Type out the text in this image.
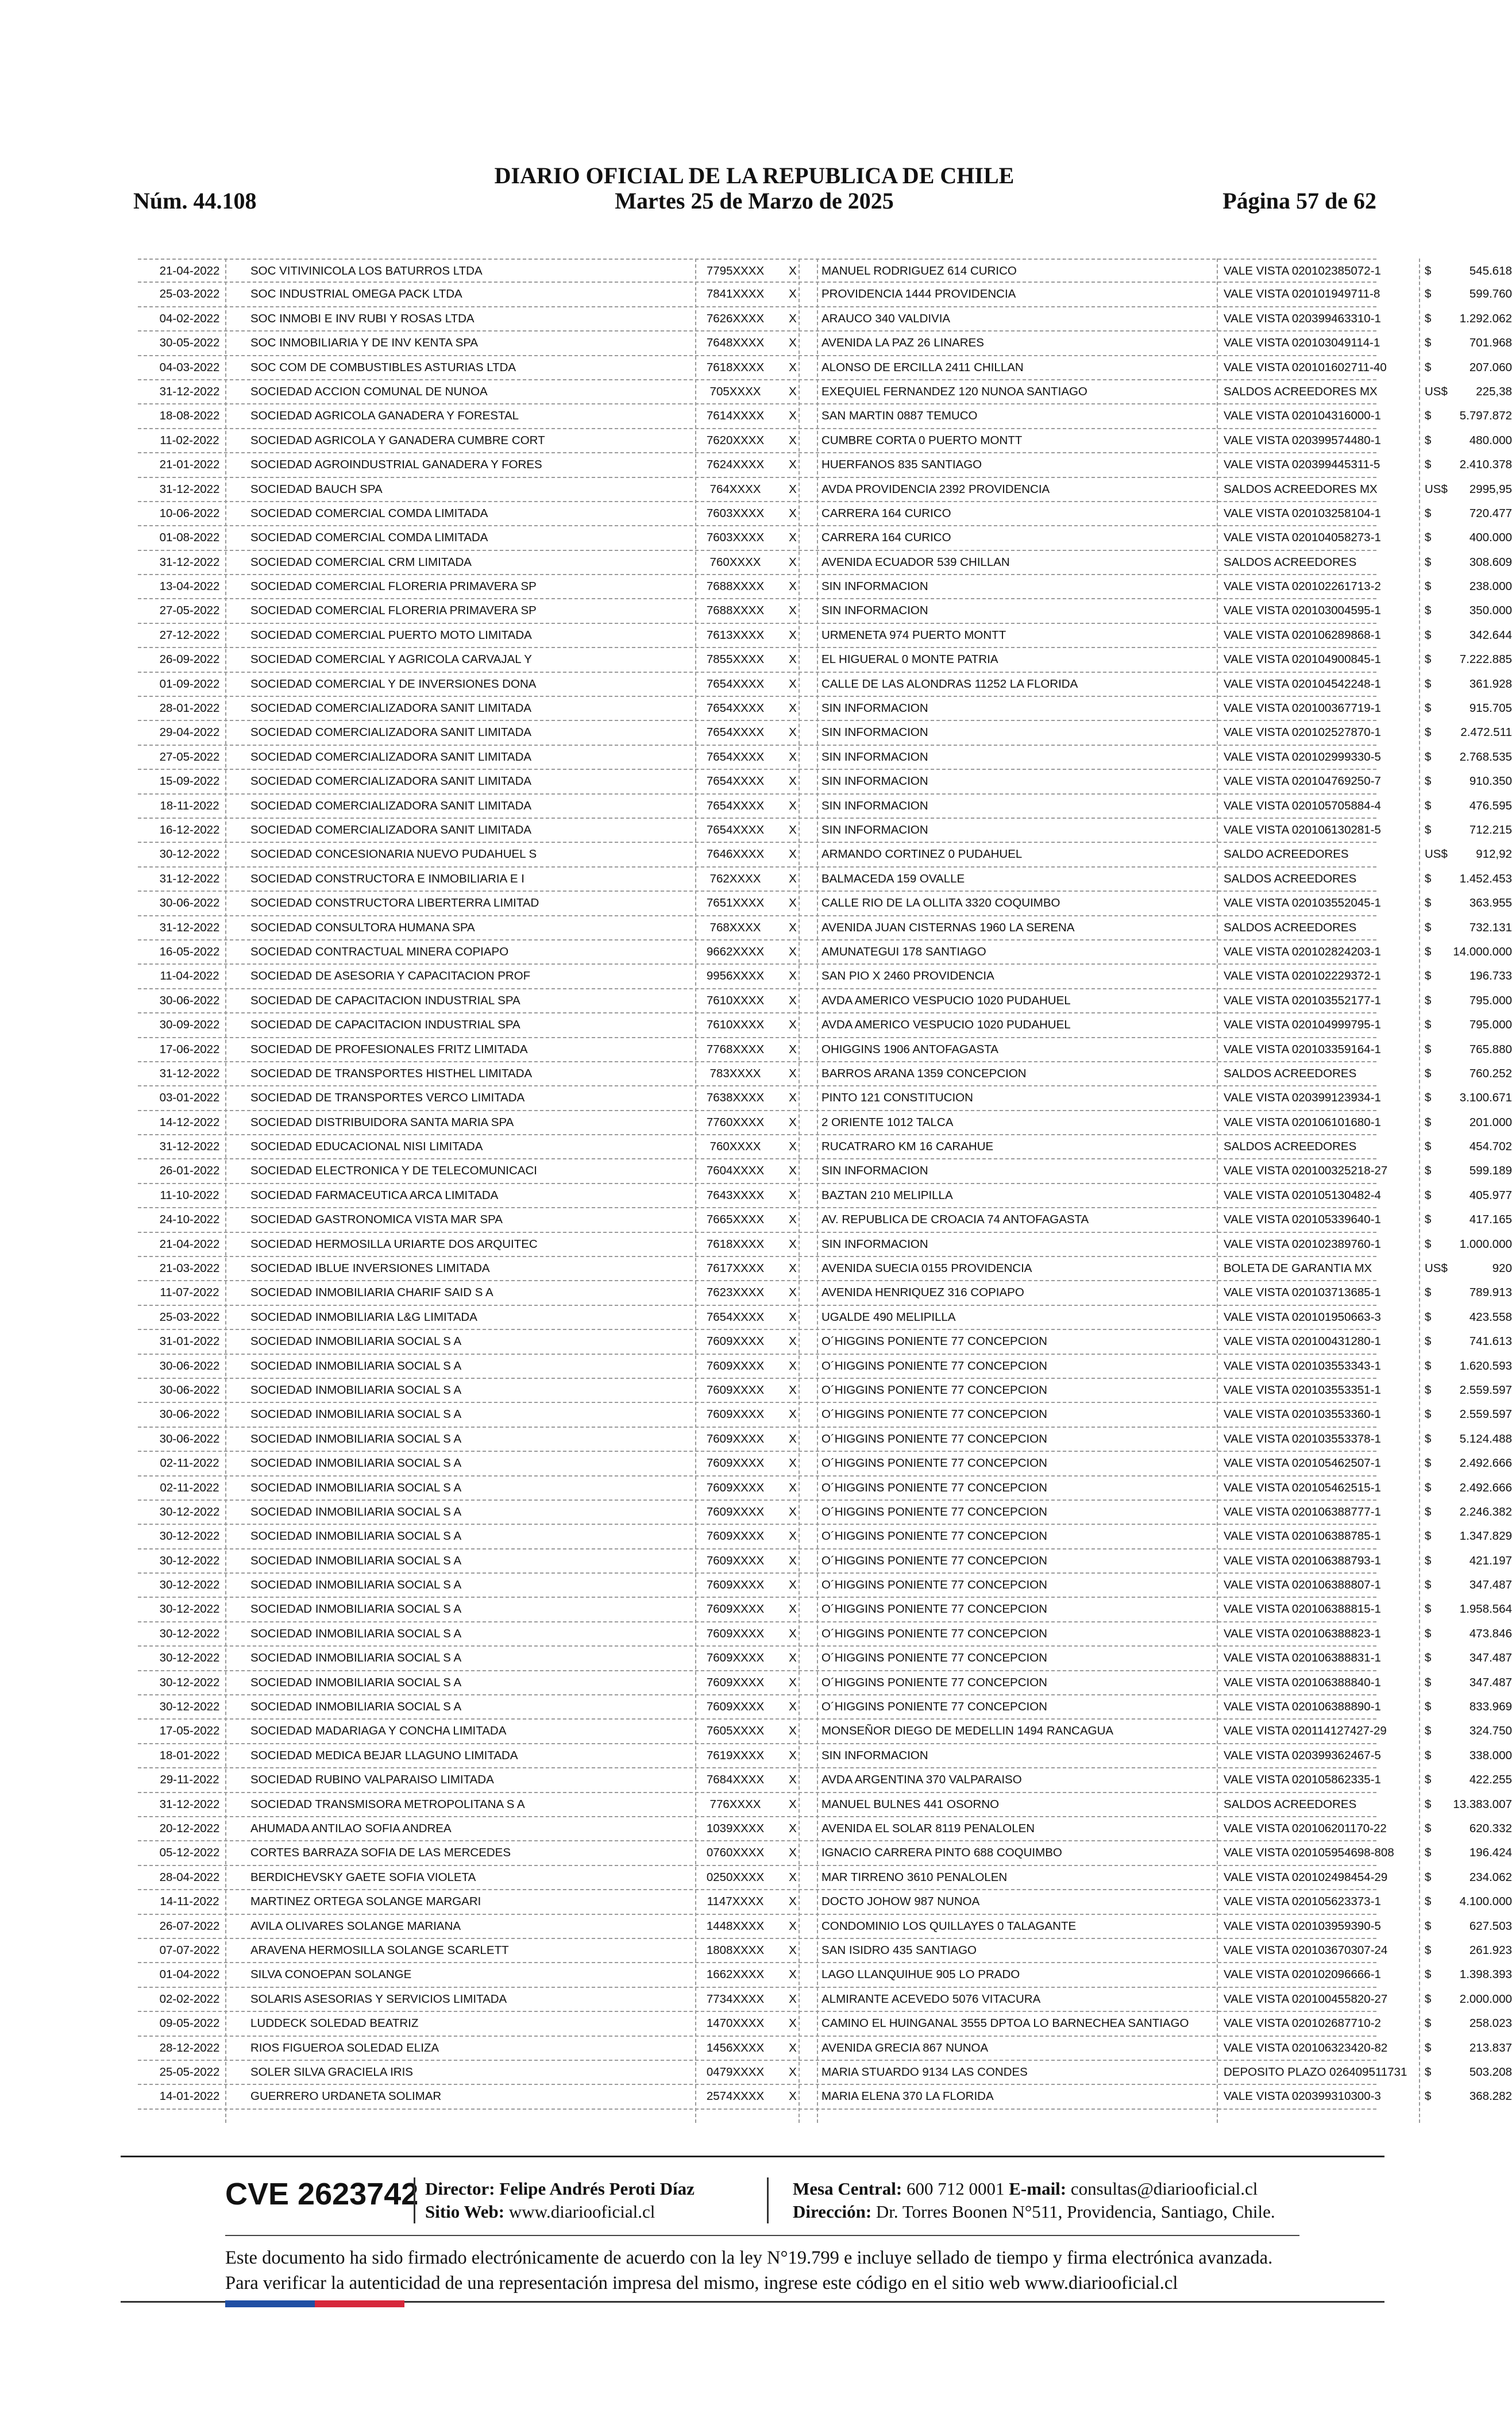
DIARIO OFICIAL DE LA REPUBLICA DE CHILE
Núm. 44.108	Martes 25 de Marzo de 2025	Página 57 de 62
21-04-2022	SOC VITIVINICOLA LOS BATURROS LTDA	7795XXXX	X	MANUEL RODRIGUEZ 614 CURICO	VALE VISTA 020102385072-1	$	545.618
25-03-2022	SOC INDUSTRIAL OMEGA PACK LTDA	7841XXXX	X	PROVIDENCIA 1444 PROVIDENCIA	VALE VISTA 020101949711-8	$	599.760
04-02-2022	SOC INMOBI E INV RUBI Y ROSAS LTDA	7626XXXX	X	ARAUCO 340 VALDIVIA	VALE VISTA 020399463310-1	$	1.292.062
30-05-2022	SOC INMOBILIARIA Y DE INV KENTA SPA	7648XXXX	X	AVENIDA LA PAZ 26 LINARES	VALE VISTA 020103049114-1	$	701.968
04-03-2022	SOC COM DE COMBUSTIBLES ASTURIAS LTDA	7618XXXX	X	ALONSO DE ERCILLA 2411 CHILLAN	VALE VISTA 020101602711-40	$	207.060
31-12-2022	SOCIEDAD ACCION COMUNAL DE NUNOA	705XXXX	X	EXEQUIEL FERNANDEZ 120 NUNOA SANTIAGO	SALDOS ACREEDORES MX	US$	225,38
18-08-2022	SOCIEDAD AGRICOLA GANADERA Y FORESTAL	7614XXXX	X	SAN MARTIN 0887 TEMUCO	VALE VISTA 020104316000-1	$	5.797.872
11-02-2022	SOCIEDAD AGRICOLA Y GANADERA CUMBRE CORT	7620XXXX	X	CUMBRE CORTA 0 PUERTO MONTT	VALE VISTA 020399574480-1	$	480.000
21-01-2022	SOCIEDAD AGROINDUSTRIAL GANADERA Y FORES	7624XXXX	X	HUERFANOS 835 SANTIAGO	VALE VISTA 020399445311-5	$	2.410.378
31-12-2022	SOCIEDAD BAUCH SPA	764XXXX	X	AVDA PROVIDENCIA 2392 PROVIDENCIA	SALDOS ACREEDORES MX	US$	2995,95
10-06-2022	SOCIEDAD COMERCIAL COMDA LIMITADA	7603XXXX	X	CARRERA 164 CURICO	VALE VISTA 020103258104-1	$	720.477
01-08-2022	SOCIEDAD COMERCIAL COMDA LIMITADA	7603XXXX	X	CARRERA 164 CURICO	VALE VISTA 020104058273-1	$	400.000
31-12-2022	SOCIEDAD COMERCIAL CRM LIMITADA	760XXXX	X	AVENIDA ECUADOR 539 CHILLAN	SALDOS ACREEDORES	$	308.609
13-04-2022	SOCIEDAD COMERCIAL FLORERIA PRIMAVERA SP	7688XXXX	X	SIN INFORMACION	VALE VISTA 020102261713-2	$	238.000
27-05-2022	SOCIEDAD COMERCIAL FLORERIA PRIMAVERA SP	7688XXXX	X	SIN INFORMACION	VALE VISTA 020103004595-1	$	350.000
27-12-2022	SOCIEDAD COMERCIAL PUERTO MOTO LIMITADA	7613XXXX	X	URMENETA 974 PUERTO MONTT	VALE VISTA 020106289868-1	$	342.644
26-09-2022	SOCIEDAD COMERCIAL Y AGRICOLA CARVAJAL Y	7855XXXX	X	EL HIGUERAL 0 MONTE PATRIA	VALE VISTA 020104900845-1	$	7.222.885
01-09-2022	SOCIEDAD COMERCIAL Y DE INVERSIONES DONA	7654XXXX	X	CALLE DE LAS ALONDRAS 11252 LA FLORIDA	VALE VISTA 020104542248-1	$	361.928
28-01-2022	SOCIEDAD COMERCIALIZADORA SANIT LIMITADA	7654XXXX	X	SIN INFORMACION	VALE VISTA 020100367719-1	$	915.705
29-04-2022	SOCIEDAD COMERCIALIZADORA SANIT LIMITADA	7654XXXX	X	SIN INFORMACION	VALE VISTA 020102527870-1	$	2.472.511
27-05-2022	SOCIEDAD COMERCIALIZADORA SANIT LIMITADA	7654XXXX	X	SIN INFORMACION	VALE VISTA 020102999330-5	$	2.768.535
15-09-2022	SOCIEDAD COMERCIALIZADORA SANIT LIMITADA	7654XXXX	X	SIN INFORMACION	VALE VISTA 020104769250-7	$	910.350
18-11-2022	SOCIEDAD COMERCIALIZADORA SANIT LIMITADA	7654XXXX	X	SIN INFORMACION	VALE VISTA 020105705884-4	$	476.595
16-12-2022	SOCIEDAD COMERCIALIZADORA SANIT LIMITADA	7654XXXX	X	SIN INFORMACION	VALE VISTA 020106130281-5	$	712.215
30-12-2022	SOCIEDAD CONCESIONARIA NUEVO PUDAHUEL S	7646XXXX	X	ARMANDO CORTINEZ 0 PUDAHUEL	SALDO ACREEDORES	US$	912,92
31-12-2022	SOCIEDAD CONSTRUCTORA E INMOBILIARIA E I	762XXXX	X	BALMACEDA 159 OVALLE	SALDOS ACREEDORES	$	1.452.453
30-06-2022	SOCIEDAD CONSTRUCTORA LIBERTERRA LIMITAD	7651XXXX	X	CALLE RIO DE LA OLLITA 3320 COQUIMBO	VALE VISTA 020103552045-1	$	363.955
31-12-2022	SOCIEDAD CONSULTORA HUMANA SPA	768XXXX	X	AVENIDA JUAN CISTERNAS 1960 LA SERENA	SALDOS ACREEDORES	$	732.131
16-05-2022	SOCIEDAD CONTRACTUAL MINERA COPIAPO	9662XXXX	X	AMUNATEGUI 178 SANTIAGO	VALE VISTA 020102824203-1	$	14.000.000
11-04-2022	SOCIEDAD DE ASESORIA Y CAPACITACION PROF	9956XXXX	X	SAN PIO X 2460 PROVIDENCIA	VALE VISTA 020102229372-1	$	196.733
30-06-2022	SOCIEDAD DE CAPACITACION INDUSTRIAL SPA	7610XXXX	X	AVDA AMERICO VESPUCIO 1020 PUDAHUEL	VALE VISTA 020103552177-1	$	795.000
30-09-2022	SOCIEDAD DE CAPACITACION INDUSTRIAL SPA	7610XXXX	X	AVDA AMERICO VESPUCIO 1020 PUDAHUEL	VALE VISTA 020104999795-1	$	795.000
17-06-2022	SOCIEDAD DE PROFESIONALES FRITZ LIMITADA	7768XXXX	X	OHIGGINS 1906 ANTOFAGASTA	VALE VISTA 020103359164-1	$	765.880
31-12-2022	SOCIEDAD DE TRANSPORTES HISTHEL LIMITADA	783XXXX	X	BARROS ARANA 1359 CONCEPCION	SALDOS ACREEDORES	$	760.252
03-01-2022	SOCIEDAD DE TRANSPORTES VERCO LIMITADA	7638XXXX	X	PINTO 121 CONSTITUCION	VALE VISTA 020399123934-1	$	3.100.671
14-12-2022	SOCIEDAD DISTRIBUIDORA SANTA MARIA SPA	7760XXXX	X	2 ORIENTE 1012 TALCA	VALE VISTA 020106101680-1	$	201.000
31-12-2022	SOCIEDAD EDUCACIONAL NISI LIMITADA	760XXXX	X	RUCATRARO KM 16 CARAHUE	SALDOS ACREEDORES	$	454.702
26-01-2022	SOCIEDAD ELECTRONICA Y DE TELECOMUNICACI	7604XXXX	X	SIN INFORMACION	VALE VISTA 020100325218-27	$	599.189
11-10-2022	SOCIEDAD FARMACEUTICA ARCA LIMITADA	7643XXXX	X	BAZTAN 210 MELIPILLA	VALE VISTA 020105130482-4	$	405.977
24-10-2022	SOCIEDAD GASTRONOMICA VISTA MAR SPA	7665XXXX	X	AV. REPUBLICA DE CROACIA 74 ANTOFAGASTA	VALE VISTA 020105339640-1	$	417.165
21-04-2022	SOCIEDAD HERMOSILLA URIARTE DOS ARQUITEC	7618XXXX	X	SIN INFORMACION	VALE VISTA 020102389760-1	$	1.000.000
21-03-2022	SOCIEDAD IBLUE INVERSIONES LIMITADA	7617XXXX	X	AVENIDA SUECIA 0155 PROVIDENCIA	BOLETA DE GARANTIA MX	US$	920
11-07-2022	SOCIEDAD INMOBILIARIA CHARIF SAID S A	7623XXXX	X	AVENIDA HENRIQUEZ 316 COPIAPO	VALE VISTA 020103713685-1	$	789.913
25-03-2022	SOCIEDAD INMOBILIARIA L&G LIMITADA	7654XXXX	X	UGALDE 490 MELIPILLA	VALE VISTA 020101950663-3	$	423.558
31-01-2022	SOCIEDAD INMOBILIARIA SOCIAL S A	7609XXXX	X	O´HIGGINS PONIENTE 77 CONCEPCION	VALE VISTA 020100431280-1	$	741.613
30-06-2022	SOCIEDAD INMOBILIARIA SOCIAL S A	7609XXXX	X	O´HIGGINS PONIENTE 77 CONCEPCION	VALE VISTA 020103553343-1	$	1.620.593
30-06-2022	SOCIEDAD INMOBILIARIA SOCIAL S A	7609XXXX	X	O´HIGGINS PONIENTE 77 CONCEPCION	VALE VISTA 020103553351-1	$	2.559.597
30-06-2022	SOCIEDAD INMOBILIARIA SOCIAL S A	7609XXXX	X	O´HIGGINS PONIENTE 77 CONCEPCION	VALE VISTA 020103553360-1	$	2.559.597
30-06-2022	SOCIEDAD INMOBILIARIA SOCIAL S A	7609XXXX	X	O´HIGGINS PONIENTE 77 CONCEPCION	VALE VISTA 020103553378-1	$	5.124.488
02-11-2022	SOCIEDAD INMOBILIARIA SOCIAL S A	7609XXXX	X	O´HIGGINS PONIENTE 77 CONCEPCION	VALE VISTA 020105462507-1	$	2.492.666
02-11-2022	SOCIEDAD INMOBILIARIA SOCIAL S A	7609XXXX	X	O´HIGGINS PONIENTE 77 CONCEPCION	VALE VISTA 020105462515-1	$	2.492.666
30-12-2022	SOCIEDAD INMOBILIARIA SOCIAL S A	7609XXXX	X	O´HIGGINS PONIENTE 77 CONCEPCION	VALE VISTA 020106388777-1	$	2.246.382
30-12-2022	SOCIEDAD INMOBILIARIA SOCIAL S A	7609XXXX	X	O´HIGGINS PONIENTE 77 CONCEPCION	VALE VISTA 020106388785-1	$	1.347.829
30-12-2022	SOCIEDAD INMOBILIARIA SOCIAL S A	7609XXXX	X	O´HIGGINS PONIENTE 77 CONCEPCION	VALE VISTA 020106388793-1	$	421.197
30-12-2022	SOCIEDAD INMOBILIARIA SOCIAL S A	7609XXXX	X	O´HIGGINS PONIENTE 77 CONCEPCION	VALE VISTA 020106388807-1	$	347.487
30-12-2022	SOCIEDAD INMOBILIARIA SOCIAL S A	7609XXXX	X	O´HIGGINS PONIENTE 77 CONCEPCION	VALE VISTA 020106388815-1	$	1.958.564
30-12-2022	SOCIEDAD INMOBILIARIA SOCIAL S A	7609XXXX	X	O´HIGGINS PONIENTE 77 CONCEPCION	VALE VISTA 020106388823-1	$	473.846
30-12-2022	SOCIEDAD INMOBILIARIA SOCIAL S A	7609XXXX	X	O´HIGGINS PONIENTE 77 CONCEPCION	VALE VISTA 020106388831-1	$	347.487
30-12-2022	SOCIEDAD INMOBILIARIA SOCIAL S A	7609XXXX	X	O´HIGGINS PONIENTE 77 CONCEPCION	VALE VISTA 020106388840-1	$	347.487
30-12-2022	SOCIEDAD INMOBILIARIA SOCIAL S A	7609XXXX	X	O´HIGGINS PONIENTE 77 CONCEPCION	VALE VISTA 020106388890-1	$	833.969
17-05-2022	SOCIEDAD MADARIAGA Y CONCHA LIMITADA	7605XXXX	X	MONSEÑOR DIEGO DE MEDELLIN 1494 RANCAGUA	VALE VISTA 020114127427-29	$	324.750
18-01-2022	SOCIEDAD MEDICA BEJAR LLAGUNO LIMITADA	7619XXXX	X	SIN INFORMACION	VALE VISTA 020399362467-5	$	338.000
29-11-2022	SOCIEDAD RUBINO VALPARAISO LIMITADA	7684XXXX	X	AVDA ARGENTINA 370 VALPARAISO	VALE VISTA 020105862335-1	$	422.255
31-12-2022	SOCIEDAD TRANSMISORA METROPOLITANA S A	776XXXX	X	MANUEL BULNES 441 OSORNO	SALDOS ACREEDORES	$	13.383.007
20-12-2022	AHUMADA ANTILAO SOFIA ANDREA	1039XXXX	X	AVENIDA EL SOLAR 8119 PENALOLEN	VALE VISTA 020106201170-22	$	620.332
05-12-2022	CORTES BARRAZA SOFIA DE LAS MERCEDES	0760XXXX	X	IGNACIO CARRERA PINTO 688 COQUIMBO	VALE VISTA 020105954698-808	$	196.424
28-04-2022	BERDICHEVSKY GAETE SOFIA VIOLETA	0250XXXX	X	MAR TIRRENO 3610 PENALOLEN	VALE VISTA 020102498454-29	$	234.062
14-11-2022	MARTINEZ ORTEGA SOLANGE MARGARI	1147XXXX	X	DOCTO JOHOW 987 NUNOA	VALE VISTA 020105623373-1	$	4.100.000
26-07-2022	AVILA OLIVARES SOLANGE MARIANA	1448XXXX	X	CONDOMINIO LOS QUILLAYES 0 TALAGANTE	VALE VISTA 020103959390-5	$	627.503
07-07-2022	ARAVENA HERMOSILLA SOLANGE SCARLETT	1808XXXX	X	SAN ISIDRO 435 SANTIAGO	VALE VISTA 020103670307-24	$	261.923
01-04-2022	SILVA CONOEPAN SOLANGE	1662XXXX	X	LAGO LLANQUIHUE 905 LO PRADO	VALE VISTA 020102096666-1	$	1.398.393
02-02-2022	SOLARIS ASESORIAS Y SERVICIOS LIMITADA	7734XXXX	X	ALMIRANTE ACEVEDO 5076 VITACURA	VALE VISTA 020100455820-27	$	2.000.000
09-05-2022	LUDDECK SOLEDAD BEATRIZ	1470XXXX	X	CAMINO EL HUINGANAL 3555 DPTOA LO BARNECHEA SANTIAGO	VALE VISTA 020102687710-2	$	258.023
28-12-2022	RIOS FIGUEROA SOLEDAD ELIZA	1456XXXX	X	AVENIDA GRECIA 867 NUNOA	VALE VISTA 020106323420-82	$	213.837
25-05-2022	SOLER SILVA GRACIELA IRIS	0479XXXX	X	MARIA STUARDO 9134 LAS CONDES	DEPOSITO PLAZO 026409511731	$	503.208
14-01-2022	GUERRERO URDANETA SOLIMAR	2574XXXX	X	MARIA ELENA 370 LA FLORIDA	VALE VISTA 020399310300-3	$	368.282
CVE 2623742 Director: Felipe Andrés Peroti Díaz
Sitio Web: www.diariooficial.cl
Mesa Central: 600 712 0001 E-mail: consultas@diariooficial.cl
Dirección: Dr. Torres Boonen N°511, Providencia, Santiago, Chile.
Este documento ha sido firmado electrónicamente de acuerdo con la ley N°19.799 e incluye sellado de tiempo y firma electrónica avanzada. Para verificar la autenticidad de una representación impresa del mismo, ingrese este código en el sitio web www.diariooficial.cl
